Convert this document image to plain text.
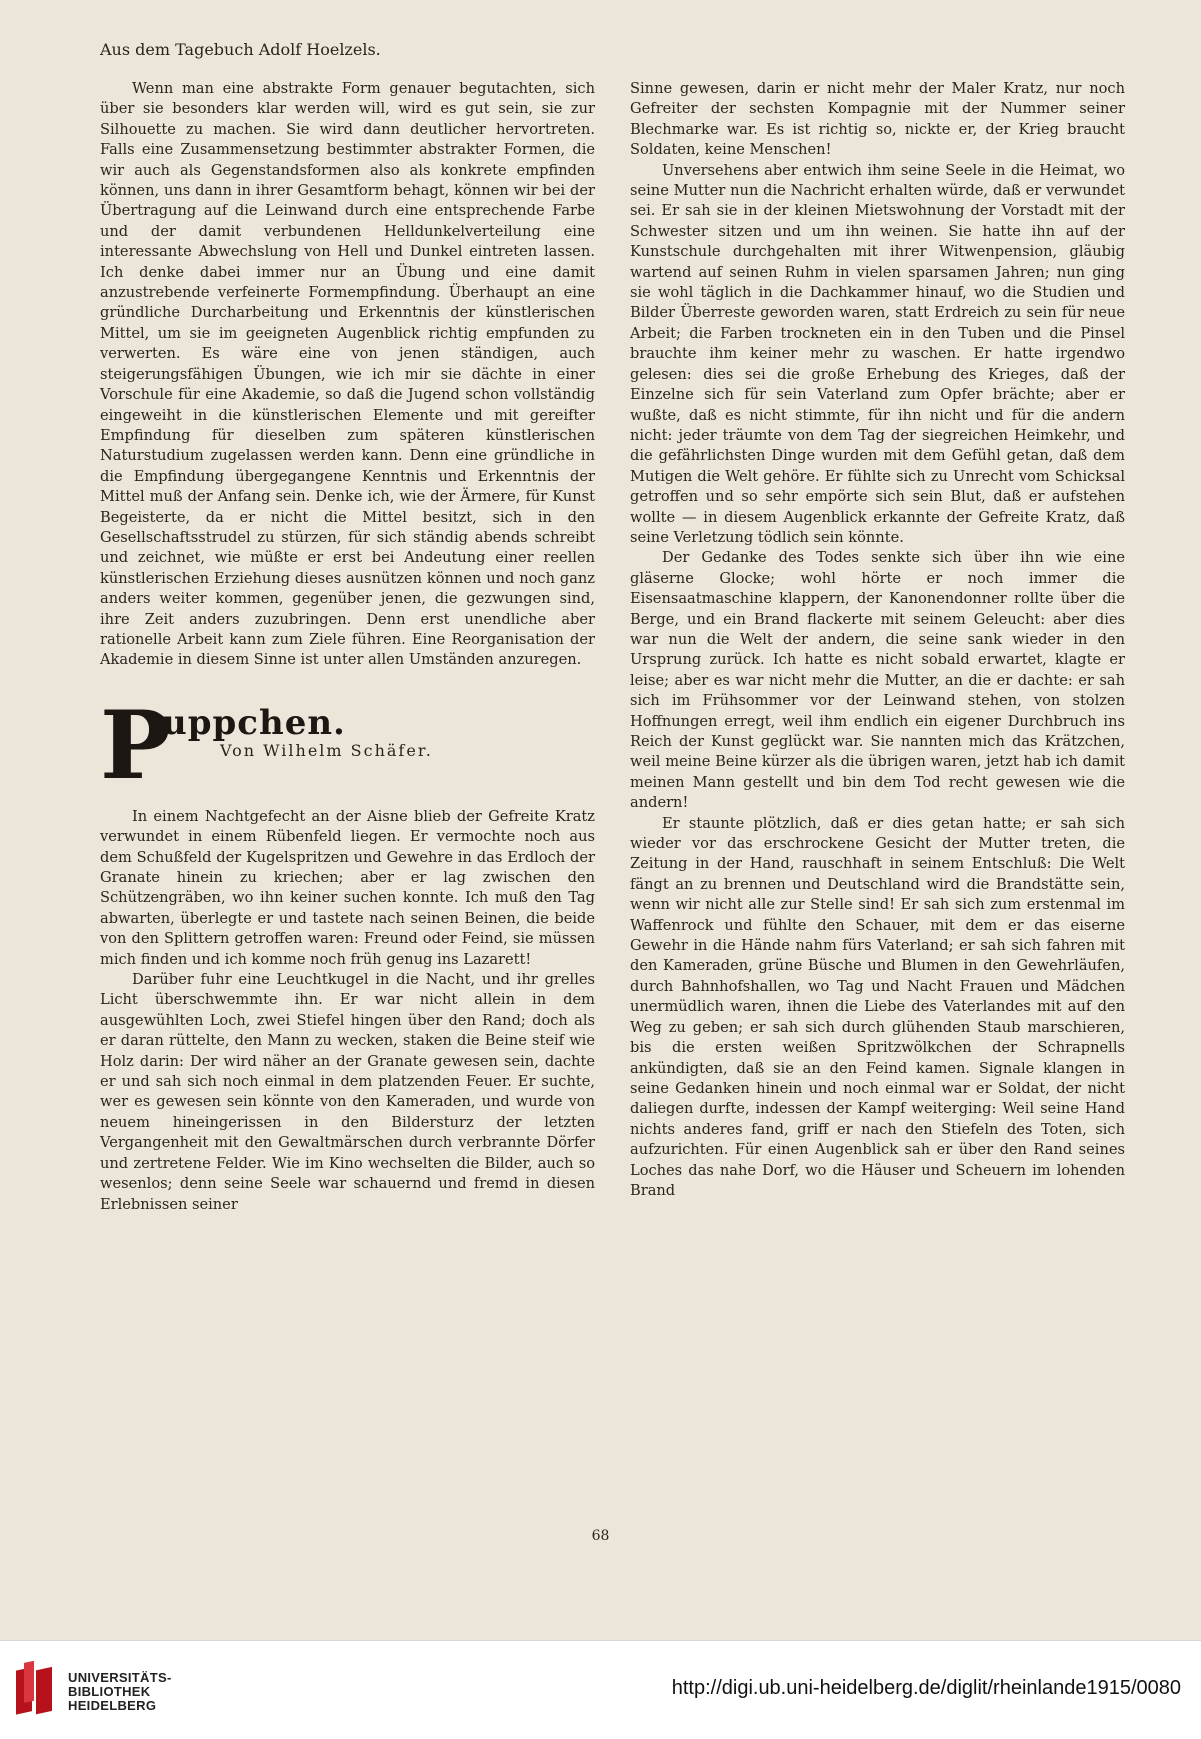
Aus dem Tagebuch Adolf Hoelzels.

Wenn man eine abstrakte Form genauer begutachten, sich über sie besonders klar werden will, wird es gut sein, sie zur Silhouette zu machen. Sie wird dann deutlicher hervortreten. Falls eine Zusammensetzung bestimmter abstrakter Formen, die wir auch als Gegenstandsformen also als konkrete empfinden können, uns dann in ihrer Gesamtform behagt, können wir bei der Übertragung auf die Leinwand durch eine entsprechende Farbe und der damit verbundenen Helldunkelverteilung eine interessante Abwechslung von Hell und Dunkel eintreten lassen. Ich denke dabei immer nur an Übung und eine damit anzustrebende verfeinerte Formempfindung. Überhaupt an eine gründliche Durcharbeitung und Erkenntnis der künstlerischen Mittel, um sie im geeigneten Augenblick richtig empfunden zu verwerten. Es wäre eine von jenen ständigen, auch steigerungsfähigen Übungen, wie ich mir sie dächte in einer Vorschule für eine Akademie, so daß die Jugend schon vollständig eingeweiht in die künstlerischen Elemente und mit gereifter Empfindung für dieselben zum späteren künstlerischen Naturstudium zugelassen werden kann. Denn eine gründliche in die Empfindung übergegangene Kenntnis und Erkenntnis der Mittel muß der Anfang sein. Denke ich, wie der Ärmere, für Kunst Begeisterte, da er nicht die Mittel besitzt, sich in den Gesellschaftsstrudel zu stürzen, für sich ständig abends schreibt und zeichnet, wie müßte er erst bei Andeutung einer reellen künstlerischen Erziehung dieses ausnützen können und noch ganz anders weiter kommen, gegenüber jenen, die gezwungen sind, ihre Zeit anders zuzubringen. Denn erst unendliche aber rationelle Arbeit kann zum Ziele führen. Eine Reorganisation der Akademie in diesem Sinne ist unter allen Umständen anzuregen.

P
uppchen.
Von Wilhelm Schäfer.

In einem Nachtgefecht an der Aisne blieb der Gefreite Kratz verwundet in einem Rübenfeld liegen. Er vermochte noch aus dem Schußfeld der Kugelspritzen und Gewehre in das Erdloch der Granate hinein zu kriechen; aber er lag zwischen den Schützengräben, wo ihn keiner suchen konnte. Ich muß den Tag abwarten, überlegte er und tastete nach seinen Beinen, die beide von den Splittern getroffen waren: Freund oder Feind, sie müssen mich finden und ich komme noch früh genug ins Lazarett!

Darüber fuhr eine Leuchtkugel in die Nacht, und ihr grelles Licht überschwemmte ihn. Er war nicht allein in dem ausgewühlten Loch, zwei Stiefel hingen über den Rand; doch als er daran rüttelte, den Mann zu wecken, staken die Beine steif wie Holz darin: Der wird näher an der Granate gewesen sein, dachte er und sah sich noch einmal in dem platzenden Feuer. Er suchte, wer es gewesen sein könnte von den Kameraden, und wurde von neuem hineingerissen in den Bildersturz der letzten Vergangenheit mit den Gewaltmärschen durch verbrannte Dörfer und zertretene Felder. Wie im Kino wechselten die Bilder, auch so wesenlos; denn seine Seele war schauernd und fremd in diesen Erlebnissen seiner

Sinne gewesen, darin er nicht mehr der Maler Kratz, nur noch Gefreiter der sechsten Kompagnie mit der Nummer seiner Blechmarke war. Es ist richtig so, nickte er, der Krieg braucht Soldaten, keine Menschen!

Unversehens aber entwich ihm seine Seele in die Heimat, wo seine Mutter nun die Nachricht erhalten würde, daß er verwundet sei. Er sah sie in der kleinen Mietswohnung der Vorstadt mit der Schwester sitzen und um ihn weinen. Sie hatte ihn auf der Kunstschule durchgehalten mit ihrer Witwenpension, gläubig wartend auf seinen Ruhm in vielen sparsamen Jahren; nun ging sie wohl täglich in die Dachkammer hinauf, wo die Studien und Bilder Überreste geworden waren, statt Erdreich zu sein für neue Arbeit; die Farben trockneten ein in den Tuben und die Pinsel brauchte ihm keiner mehr zu waschen. Er hatte irgendwo gelesen: dies sei die große Erhebung des Krieges, daß der Einzelne sich für sein Vaterland zum Opfer brächte; aber er wußte, daß es nicht stimmte, für ihn nicht und für die andern nicht: jeder träumte von dem Tag der siegreichen Heimkehr, und die gefährlichsten Dinge wurden mit dem Gefühl getan, daß dem Mutigen die Welt gehöre. Er fühlte sich zu Unrecht vom Schicksal getroffen und so sehr empörte sich sein Blut, daß er aufstehen wollte — in diesem Augenblick erkannte der Gefreite Kratz, daß seine Verletzung tödlich sein könnte.

Der Gedanke des Todes senkte sich über ihn wie eine gläserne Glocke; wohl hörte er noch immer die Eisensaatmaschine klappern, der Kanonendonner rollte über die Berge, und ein Brand flackerte mit seinem Geleucht: aber dies war nun die Welt der andern, die seine sank wieder in den Ursprung zurück. Ich hatte es nicht sobald erwartet, klagte er leise; aber es war nicht mehr die Mutter, an die er dachte: er sah sich im Frühsommer vor der Leinwand stehen, von stolzen Hoffnungen erregt, weil ihm endlich ein eigener Durchbruch ins Reich der Kunst geglückt war. Sie nannten mich das Krätzchen, weil meine Beine kürzer als die übrigen waren, jetzt hab ich damit meinen Mann gestellt und bin dem Tod recht gewesen wie die andern!

Er staunte plötzlich, daß er dies getan hatte; er sah sich wieder vor das erschrockene Gesicht der Mutter treten, die Zeitung in der Hand, rauschhaft in seinem Entschluß: Die Welt fängt an zu brennen und Deutschland wird die Brandstätte sein, wenn wir nicht alle zur Stelle sind! Er sah sich zum erstenmal im Waffenrock und fühlte den Schauer, mit dem er das eiserne Gewehr in die Hände nahm fürs Vaterland; er sah sich fahren mit den Kameraden, grüne Büsche und Blumen in den Gewehrläufen, durch Bahnhofshallen, wo Tag und Nacht Frauen und Mädchen unermüdlich waren, ihnen die Liebe des Vaterlandes mit auf den Weg zu geben; er sah sich durch glühenden Staub marschieren, bis die ersten weißen Spritzwölkchen der Schrapnells ankündigten, daß sie an den Feind kamen. Signale klangen in seine Gedanken hinein und noch einmal war er Soldat, der nicht daliegen durfte, indessen der Kampf weiterging: Weil seine Hand nichts anderes fand, griff er nach den Stiefeln des Toten, sich aufzurichten. Für einen Augenblick sah er über den Rand seines Loches das nahe Dorf, wo die Häuser und Scheuern im lohenden Brand

68
UNIVERSITÄTS-
BIBLIOTHEK
HEIDELBERG
http://digi.ub.uni-heidelberg.de/diglit/rheinlande1915/0080
